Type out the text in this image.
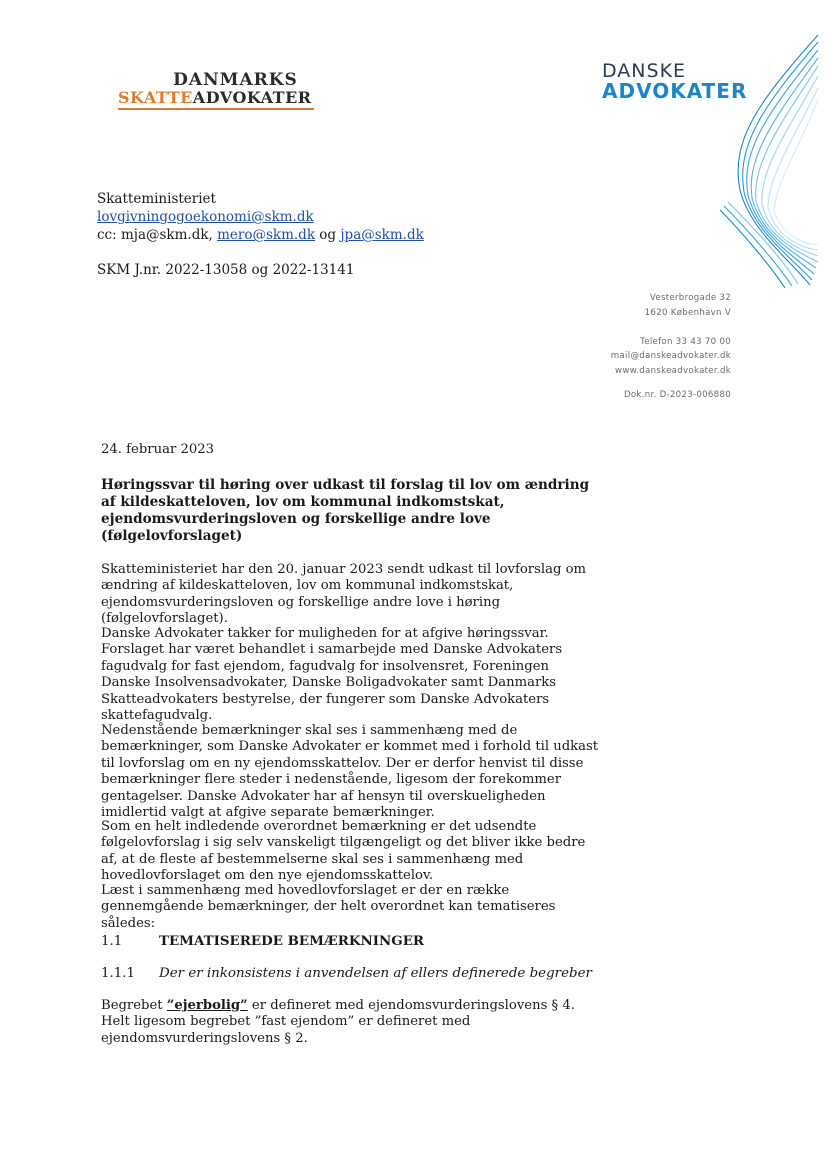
DANMARKS
SKATTEADVOKATER
DANSKE
ADVOKATER
Skatteministeriet
lovgivningogoekonomi@skm.dk
cc: mja@skm.dk, mero@skm.dk og jpa@skm.dk
SKM J.nr. 2022-13058 og 2022-13141
Vesterbrogade 32
1620 København V
Telefon 33 43 70 00
mail@danskeadvokater.dk
www.danskeadvokater.dk
Dok.nr. D-2023-006880
24. februar 2023
Høringssvar til høring over udkast til forslag til lov om ændring af kildeskatteloven, lov om kommunal indkomstskat, ejendomsvurderingsloven og forskellige andre love (følgelovforslaget)
Skatteministeriet har den 20. januar 2023 sendt udkast til lovforslag om ændring af kildeskatteloven, lov om kommunal indkomstskat, ejendomsvurderingsloven og forskellige andre love i høring (følgelovforslaget).
Danske Advokater takker for muligheden for at afgive høringssvar. Forslaget har været behandlet i samarbejde med Danske Advokaters fagudvalg for fast ejendom, fagudvalg for insolvensret, Foreningen Danske Insolvensadvokater, Danske Boligadvokater samt Danmarks Skatteadvokaters bestyrelse, der fungerer som Danske Advokaters skattefagudvalg.
Nedenstående bemærkninger skal ses i sammenhæng med de bemærkninger, som Danske Advokater er kommet med i forhold til udkast til lovforslag om en ny ejendomsskattelov. Der er derfor henvist til disse bemærkninger flere steder i nedenstående, ligesom der forekommer gentagelser. Danske Advokater har af hensyn til overskueligheden imidlertid valgt at afgive separate bemærkninger.
Som en helt indledende overordnet bemærkning er det udsendte følgelovforslag i sig selv vanskeligt tilgængeligt og det bliver ikke bedre af, at de fleste af bestemmelserne skal ses i sammenhæng med hovedlovforslaget om den nye ejendomsskattelov.
Læst i sammenhæng med hovedlovforslaget er der en række gennemgående bemærkninger, der helt overordnet kan tematiseres således:
1.1	TEMATISEREDE BEMÆRKNINGER
1.1.1 Der er inkonsistens i anvendelsen af ellers definerede begreber
Begrebet ”ejerbolig” er defineret med ejendomsvurderingslovens § 4. Helt ligesom begrebet ”fast ejendom” er defineret med ejendomsvurderingslovens § 2.
